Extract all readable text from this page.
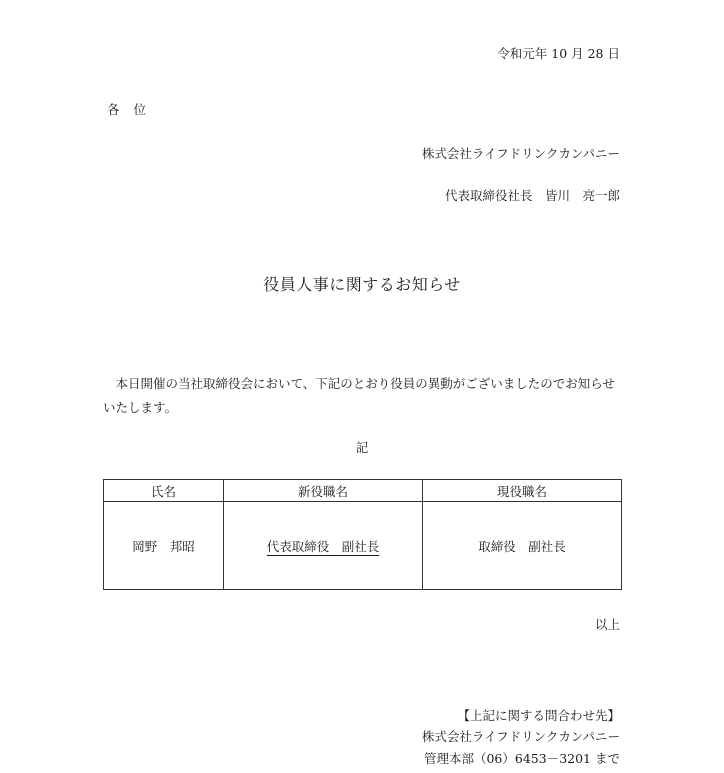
令和元年 10 月 28 日
各位
株式会社ライフドリンクカンパニー
代表取締役社長　皆川　亮一郎
役員人事に関するお知らせ
本日開催の当社取締役会において、下記のとおり役員の異動がございましたのでお知らせいたします。
記
氏名	新役職名	現役職名
岡野　邦昭	代表取締役　副社長	取締役　副社長
以上
【上記に関する問合わせ先】
株式会社ライフドリンクカンパニー
管理本部（06）6453－3201 まで
